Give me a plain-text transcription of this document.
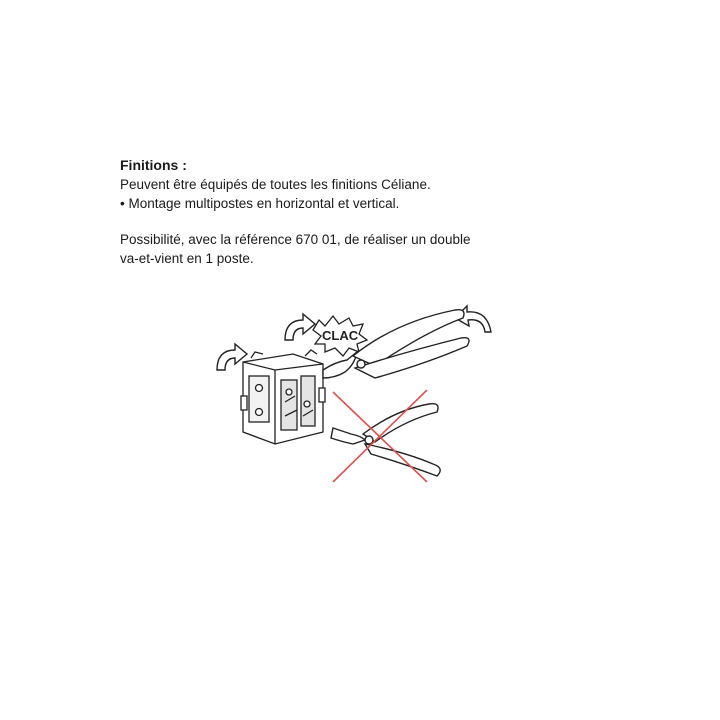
Finitions :
Peuvent être équipés de toutes les finitions Céliane.
• Montage multipostes en horizontal et vertical.
Possibilité, avec la référence 670 01, de réaliser un double
va-et-vient en 1 poste.
CLAC
